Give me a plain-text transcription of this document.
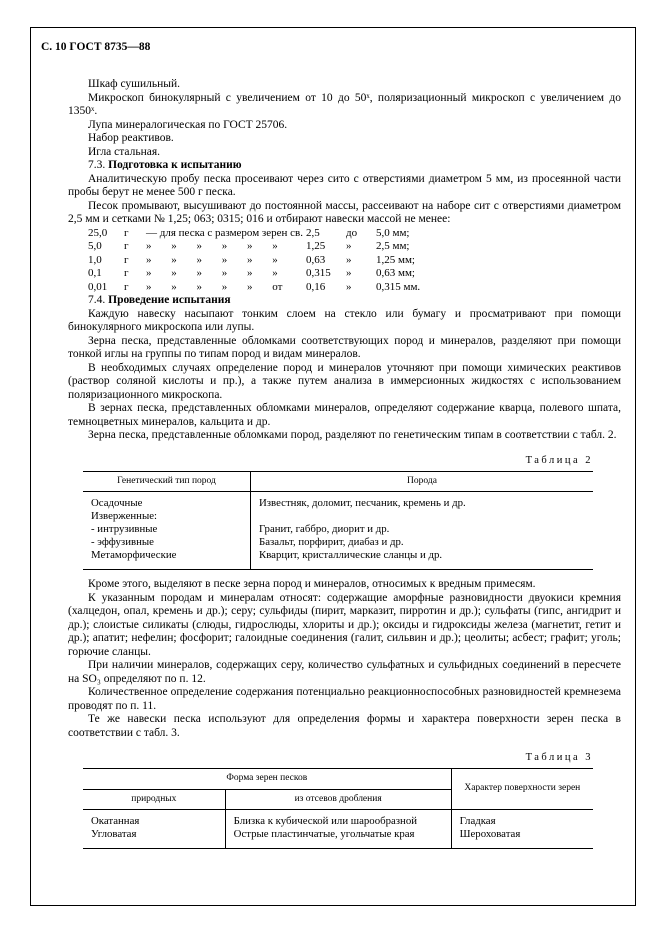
С. 10 ГОСТ 8735—88

Шкаф сушильный.

Микроскоп бинокулярный с увеличением от 10 до 50ˣ, поляризационный микроскоп с увеличением до 1350ˣ.

Лупа минералогическая по ГОСТ 25706.

Набор реактивов.

Игла стальная.

7.3. Подготовка к испытанию

Аналитическую пробу песка просеивают через сито с отверстиями диаметром 5 мм, из просеянной части пробы берут не менее 500 г песка.

Песок промывают, высушивают до постоянной массы, рассеивают на наборе сит с отверстиями диаметром 2,5 мм и сетками № 1,25; 063; 0315; 016 и отбирают навески массой не менее:

25,0	г	— для песка с размером зерен св. 2,5	до	5,0 мм;
5,0	г	» » » » » »	1,25	»	2,5 мм;
1,0	г	» » » » » »	0,63	»	1,25 мм;
0,1	г	» » » » » »	0,315	»	0,63 мм;
0,01	г	» » » » » от	0,16	»	0,315 мм.

7.4. Проведение испытания

Каждую навеску насыпают тонким слоем на стекло или бумагу и просматривают при помощи бинокулярного микроскопа или лупы.

Зерна песка, представленные обломками соответствующих пород и минералов, разделяют при помощи тонкой иглы на группы по типам пород и видам минералов.

В необходимых случаях определение пород и минералов уточняют при помощи химических реактивов (раствор соляной кислоты и пр.), а также путем анализа в иммерсионных жидкостях с использованием поляризационного микроскопа.

В зернах песка, представленных обломками минералов, определяют содержание кварца, полевого шпата, темноцветных минералов, кальцита и др.

Зерна песка, представленные обломками пород, разделяют по генетическим типам в соответствии с табл. 2.

Таблица 2
Генетический тип пород	Порода
Осадочные	Известняк, доломит, песчаник, кремень и др.
Изверженные:	
- интрузивные	Гранит, габбро, диорит и др.
- эффузивные	Базальт, порфирит, диабаз и др.
Метаморфические	Кварцит, кристаллические сланцы и др.

Кроме этого, выделяют в песке зерна пород и минералов, относимых к вредным примесям.

К указанным породам и минералам относят: содержащие аморфные разновидности двуокиси кремния (халцедон, опал, кремень и др.); серу; сульфиды (пирит, марказит, пирротин и др.); сульфаты (гипс, ангидрит и др.); слоистые силикаты (слюды, гидрослюды, хлориты и др.); оксиды и гидроксиды железа (магнетит, гетит и др.); апатит; нефелин; фосфорит; галоидные соединения (галит, сильвин и др.); цеолиты; асбест; графит; уголь; горючие сланцы.

При наличии минералов, содержащих серу, количество сульфатных и сульфидных соединений в пересчете на SO₃ определяют по п. 12.

Количественное определение содержания потенциально реакционноспособных разновидностей кремнезема проводят по п. 11.

Те же навески песка используют для определения формы и характера поверхности зерен песка в соответствии с табл. 3.

Таблица 3
Форма зерен песков		Характер поверхности зерен
природных	из отсевов дробления	
Окатанная	Близка к кубической или шарообразной	Гладкая
Угловатая	Острые пластинчатые, угольчатые края	Шероховатая
